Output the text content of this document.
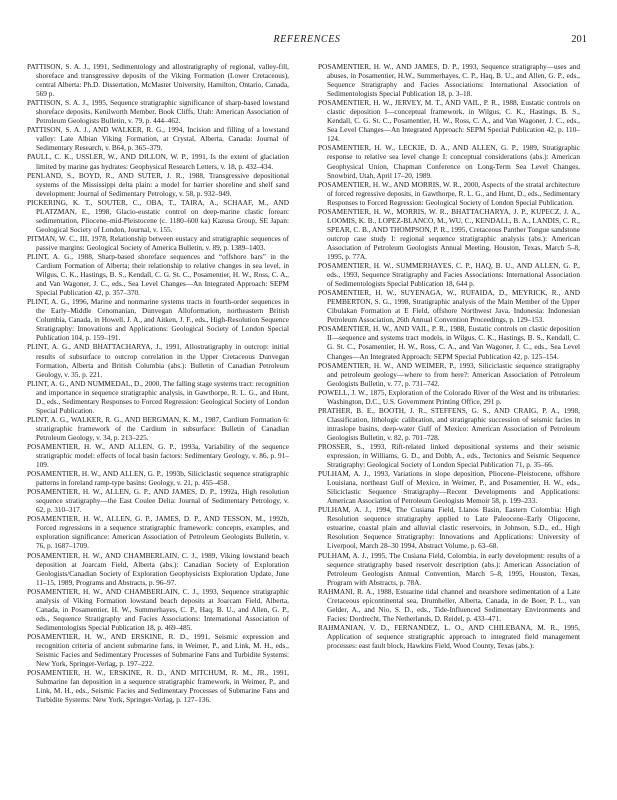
REFERENCES	201

PATTISON, S. A. J., 1991, Sedimentology and allostratigraphy of regional, valley-fill, shoreface and transgressive deposits of the Viking Formation (Lower Cretaceous), central Alberta: Ph.D. Dissertation, McMaster University, Hamilton, Ontario, Canada, 569 p.

PATTISON, S. A. J., 1995, Sequence stratigraphic significance of sharp-based lowstand shoreface deposits, Kenilworth Member, Book Cliffs, Utah: American Association of Petroleum Geologists Bulletin, v. 79, p. 444–462.

PATTISON, S. A. J., AND WALKER, R. G., 1994, Incision and filling of a lowstand valley: Late Albian Viking Formation, at Crystal, Alberta, Canada: Journal of Sedimentary Research, v. B64, p. 365–379.

PAULL, C. K., USSLER, W., AND DILLON, W. P., 1991, Is the extent of glaciation limited by marine gas hydrates: Geophysical Research Letters, v. 18, p. 432–434.

PENLAND, S., BOYD, R., AND SUTER, J. R., 1988, Transgressive depositional systems of the Mississippi delta plain: a model for barrier shoreline and shelf sand development: Journal of Sedimentary Petrology, v. 58, p. 932–949.

PICKERING, K. T., SOUTER, C., OBA, T., TAIRA, A., SCHAAF, M., AND PLATZMAN, E., 1998, Glacio-eustatic control on deep-marine clastic forearc sedimentation, Pliocene–mid-Pleistocene (c. 1180–600 ka) Kazusa Group, SE Japan: Geological Society of London, Journal, v. 155.

PITMAN, W. C., III, 1978, Relationship between eustacy and stratigraphic sequences of passive margins: Geological Society of America Bulletin, v. 89, p. 1389–1403.

PLINT, A. G., 1988, Sharp-based shoreface sequences and “offshore bars” in the Cardium Formation of Alberta; their relationship to relative changes in sea level, in Wilgus, C. K., Hastings, B. S., Kendall, C. G. St. C., Posamentier, H. W., Ross, C. A., and Van Wagoner, J. C., eds., Sea Level Changes—An Integrated Approach: SEPM Special Publication 42, p. 357–370.

PLINT, A. G., 1996, Marine and nonmarine systems tracts in fourth-order sequences in the Early–Middle Cenomanian, Dunvegan Alloformation, northeastern British Columbia, Canada, in Howell, J. A., and Aitken, J. F., eds., High-Resolution Sequence Stratigraphy: Innovations and Applications: Geological Society of London Special Publication 104, p. 159–191.

PLINT, A. G., AND BHATTACHARYA, J., 1991, Allostratigraphy in outcrop: initial results of subsurface to outcrop correlation in the Upper Cretaceous Dunvegan Formation, Alberta and British Columbia (abs.): Bulletin of Canadian Petroleum Geology, v. 35, p. 221.

PLINT, A. G., AND NUMMEDAL, D., 2000, The falling stage systems tract: recognition and importance in sequence stratigraphic analysis, in Gawthorpe, R. L. G., and Hunt, D., eds., Sedimentary Responses to Forced Regression: Geological Society of London Special Publication.

PLINT, A. G., WALKER, R. G., AND BERGMAN, K. M., 1987, Cardium Formation 6: stratigraphic framework of the Cardium in subsurface: Bulletin of Canadian Petroleum Geology, v. 34, p. 213–225.

POSAMENTIER, H. W., AND ALLEN, G. P., 1993a, Variability of the sequence stratigraphic model: effects of local basin factors: Sedimentary Geology, v. 86, p. 91–109.

POSAMENTIER, H. W., AND ALLEN, G. P., 1993b, Siliciclastic sequence stratigraphic patterns in foreland ramp-type basins: Geology, v. 21, p. 455–458.

POSAMENTIER, H. W., ALLEN, G. P., AND JAMES, D. P., 1992a, High resolution sequence stratigraphy—the East Coulee Delta: Journal of Sedimentary Petrology, v. 62, p. 310–317.

POSAMENTIER, H. W., ALLEN, G. P., JAMES, D. P., AND TESSON, M., 1992b, Forced regressions in a sequence stratigraphic framework: concepts, examples, and exploration significance: American Association of Petroleum Geologists Bulletin, v. 76, p. 1687–1709.

POSAMENTIER, H. W., AND CHAMBERLAIN, C. J., 1989, Viking lowstand beach deposition at Joarcam Field, Alberta (abs.): Canadian Society of Exploration Geologists/Canadian Society of Exploration Geophysicists Exploration Update, June 11–15, 1989, Programs and Abstracts, p. 96–97.

POSAMENTIER, H. W., AND CHAMBERLAIN, C. J., 1993, Sequence stratigraphic analysis of Viking Formation lowstand beach deposits at Joarcam Field, Alberta, Canada, in Posamentier, H. W., Summerhayes, C. P., Haq, B. U., and Allen, G. P., eds., Sequence Stratigraphy and Facies Associations: International Association of Sedimentologists Special Publication 18, p. 469–485.

POSAMENTIER, H. W., AND ERSKINE, R. D., 1991, Seismic expression and recognition criteria of ancient submarine fans, in Weimer, P., and Link, M. H., eds., Seismic Facies and Sedimentary Processes of Submarine Fans and Turbidite Systems: New York, Springer-Verlag, p. 197–222.

POSAMENTIER, H. W., ERSKINE, R. D., AND MITCHUM, R. M., JR., 1991, Submarine fan deposition in a sequence stratigraphic framework, in Weimer, P., and Link, M. H., eds., Seismic Facies and Sedimentary Processes of Submarine Fans and Turbidite Systems: New York, Springer-Verlag, p. 127–136.

POSAMENTIER, H. W., AND JAMES, D. P., 1993, Sequence stratigraphy—uses and abuses, in Posamentier, H.W., Summerhayes, C. P., Haq, B. U., and Allen, G. P., eds., Sequence Stratigraphy and Facies Associations: International Association of Sedimentologists Special Publication 18, p. 3–18.

POSAMENTIER, H. W., JERVEY, M. T., AND VAIL, P. R., 1988, Eustatic controls on clastic deposition I—conceptual framework, in Wilgus, C. K., Hastings, B. S., Kendall, C. G. St. C., Posamentier, H. W., Ross, C. A., and Van Wagoner, J. C., eds., Sea Level Changes—An Integrated Approach: SEPM Special Publication 42, p. 110–124.

POSAMENTIER, H. W., LECKIE, D. A., AND ALLEN, G. P., 1989, Stratigraphic response to relative sea level change I: conceptual considerations (abs.): American Geophysical Union, Chapman Conference on Long-Term Sea Level Changes, Snowbird, Utah, April 17–20, 1989.

POSAMENTIER, H. W., AND MORRIS, W. R., 2000, Aspects of the stratal architecture of forced regressive deposits, in Gawthorpe, R. L. G., and Hunt, D., eds., Sedimentary Responses to Forced Regression: Geological Society of London Special Publication.

POSAMENTIER, H. W., MORRIS, W. R., BHATTACHARYA, J. P., KUPECZ, J. A., LOOMIS, K. B., LOPEZ-BLANCO, M., WU, C., KENDALL, B. A., LANDIS, C. R., SPEAR, C. B., AND THOMPSON, P. R., 1995, Cretaceous Panther Tongue sandstone outcrop case study I: regional sequence stratigraphic analysis (abs.): American Association of Petroleum Geologists Annual Meeting, Houston, Texas, March 5–8, 1995, p. 77A.

POSAMENTIER, H. W., SUMMERHAYES, C. P., HAQ, B. U., AND ALLEN, G. P., eds., 1993, Sequence Stratigraphy and Facies Associations: International Association of Sedimentologists Special Publication 18, 644 p.

POSAMENTIER, H. W., SUYENAGA, W., RUFAIDA, D., MEYRICK, R., AND PEMBERTON, S. G., 1998, Stratigraphic analysis of the Main Member of the Upper Cibulakan Formation at E Field, offshore Northwest Java, Indonesia: Indonesian Petroleum Association, 26th Annual Convention Proceedings, p. 129–153.

POSAMENTIER, H. W., AND VAIL, P. R., 1988, Eustatic controls on clastic deposition II—sequence and systems tract models, in Wilgus, C. K., Hastings, B. S., Kendall, C. G. St. C., Posamentier, H. W., Ross, C. A., and Van Wagoner, J. C., eds., Sea Level Changes—An Integrated Approach: SEPM Special Publication 42, p. 125–154.

POSAMENTIER, H. W., AND WEIMER, P., 1993, Siliciclastic sequence stratigraphy and petroleum geology—where to from here?: American Association of Petroleum Geologists Bulletin, v. 77, p. 731–742.

POWELL, J. W., 1875, Exploration of the Colorado River of the West and its tributaries: Washington, D.C., U.S. Government Printing Office, 291 p.

PRATHER, B. E., BOOTH, J. R., STEFFENS, G. S., AND CRAIG, P. A., 1998, Classification, lithologic calibration, and stratigraphic succession of seismic facies in intraslope basins, deep-water Gulf of Mexico: American Association of Petroleum Geologists Bulletin, v. 82, p. 701–728.

PROSSER, S., 1993, Rift-related linked depositional systems and their seismic expression, in Williams, G. D., and Dobb, A., eds., Tectonics and Seismic Sequence Stratigraphy: Geological Society of London Special Publication 71, p. 35–66.

PULHAM, A. J., 1993, Variations in slope deposition, Pliocene–Pleistocene, offshore Louisiana, northeast Gulf of Mexico, in Weimer, P., and Posamentier, H. W., eds., Siliciclastic Sequence Stratigraphy—Recent Developments and Applications: American Association of Petroleum Geologists Memoir 58, p. 199–233.

PULHAM, A. J., 1994, The Cusiana Field, Llanos Basin, Eastern Colombia: High Resolution sequence stratigraphy applied to Late Paleocene–Early Oligocene, estuarine, coastal plain and alluvial clastic reservoirs, in Johnson, S.D., ed., High Resolution Sequence Stratigraphy: Innovations and Applications: University of Liverpool, March 28–30 1994, Abstract Volume, p. 63–68.

PULHAM, A. J., 1995, The Cusiana Field, Colombia, in early development: results of a sequence stratigraphy based reservoir description (abs.): American Association of Petroleum Geologists Annual Convention, March 5–8, 1995, Houston, Texas, Program with Abstracts, p. 78A.

RAHMANI, R. A., 1988, Estuarine tidal channel and nearshore sedimentation of a Late Cretaceous epicontinental sea, Drumheller, Alberta, Canada, in de Boer, P. L., van Gelder, A., and Nio, S. D., eds., Tide-Influenced Sedimentary Environments and Facies: Dordrecht, The Netherlands, D. Reidel, p. 433–471.

RAHMANIAN, V. D., FERNANDEZ, L. O., AND CHILEBANA, M. R., 1995, Application of sequence stratigraphic approach to integrated field management processes: east fault block, Hawkins Field, Wood County, Texas (abs.):
